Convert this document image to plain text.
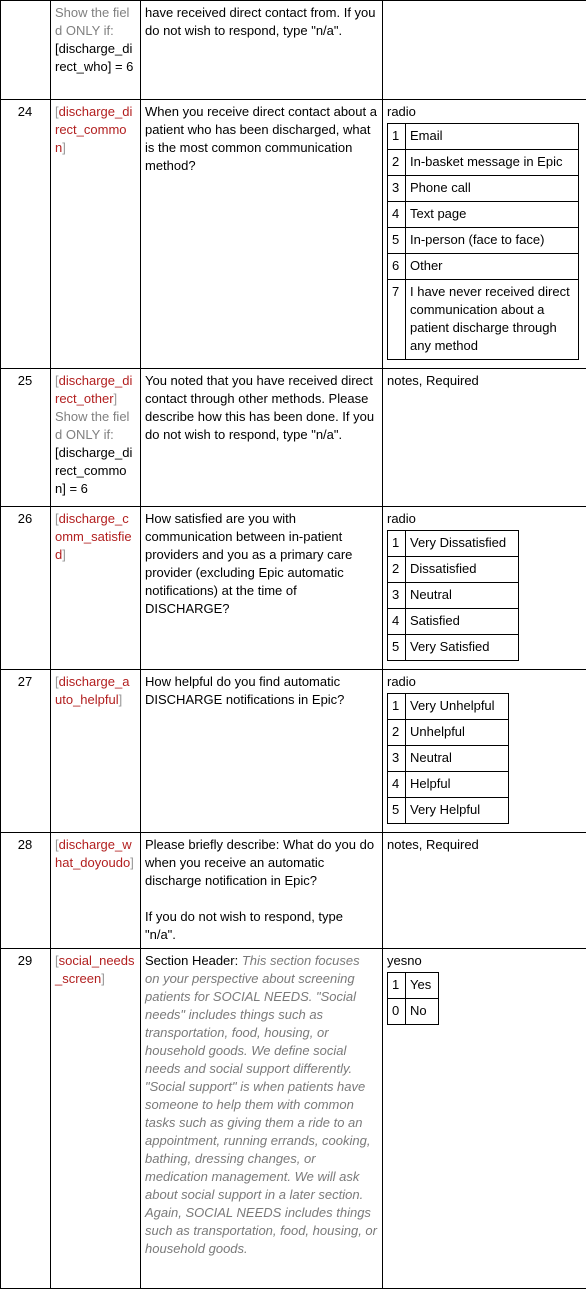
Show the field ONLY if:
[discharge_direct_who] = 6
	have received direct contact from. If you do not wish to respond, type "n/a".	
24	[discharge_direct_common]	When you receive direct contact about a patient who has been discharged, what is the most common communication method?	
radio
1	Email
2	In-basket message in Epic
3	Phone call
4	Text page
5	In-person (face to face)
6	Other
7	I have never received direct communication about a patient discharge through any method

25	[discharge_direct_other]
Show the field ONLY if:
[discharge_direct_common] = 6
	You noted that you have received direct contact through other methods. Please describe how this has been done. If you do not wish to respond, type "n/a".	notes, Required
26	[discharge_comm_satisfied]	How satisfied are you with communication between in-patient providers and you as a primary care provider (excluding Epic automatic notifications) at the time of DISCHARGE?	
radio
1	Very Dissatisfied
2	Dissatisfied
3	Neutral
4	Satisfied
5	Very Satisfied

27	[discharge_auto_helpful]	How helpful do you find automatic DISCHARGE notifications in Epic?	
radio
1	Very Unhelpful
2	Unhelpful
3	Neutral
4	Helpful
5	Very Helpful

28	[discharge_what_doyoudo]	
Please briefly describe: What do you do when you receive an automatic discharge notification in Epic?
If you do not wish to respond, type "n/a".
	notes, Required
29	[social_needs_screen]	Section Header: This section focuses on your perspective about screening patients for SOCIAL NEEDS. "Social needs" includes things such as transportation, food, housing, or household goods. We define social needs and social support differently. "Social support" is when patients have someone to help them with common tasks such as giving them a ride to an appointment, running errands, cooking, bathing, dressing changes, or medication management. We will ask about social support in a later section. Again, SOCIAL NEEDS includes things such as transportation, food, housing, or household goods.	
yesno
1	Yes
0	No
